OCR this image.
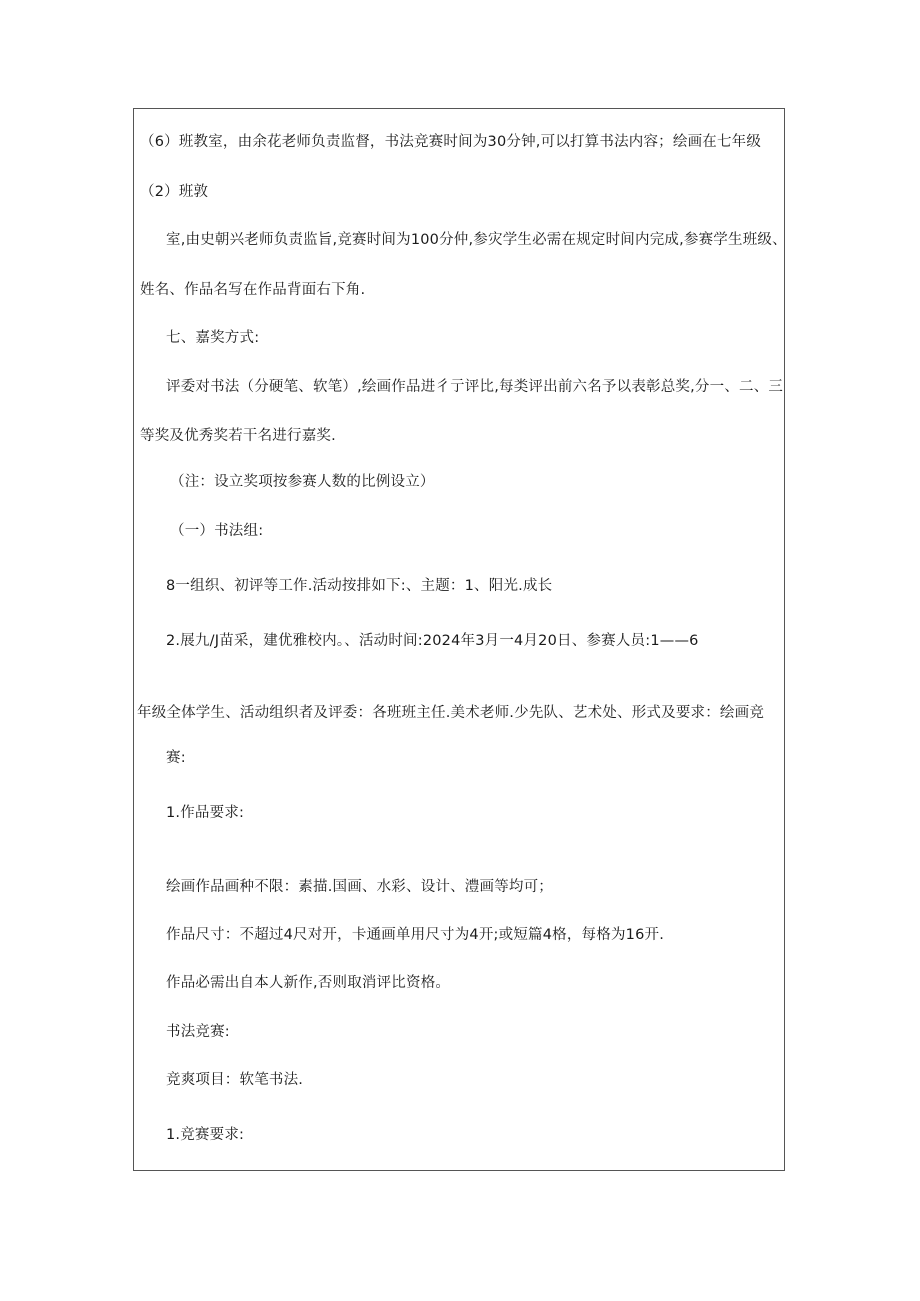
（6）班教室，由余花老师负责监督，书法竞赛时间为30分钟,可以打算书法内容；绘画在七年级
（2）班敦
室,由史朝兴老师负责监旨,竞赛时间为100分仲,参灾学生必需在规定时间内完成,参赛学生班级、
姓名、作品名写在作品背面右下角.
七、嘉奖方式:
评委对书法（分硬笔、软笔）,绘画作品进彳亍评比,每类评出前六名予以表彰总奖,分一、二、三
等奖及优秀奖若干名进行嘉奖.
（注：设立奖项按参赛人数的比例设立）
（一）书法组:
8一组织、初评等工作.活动按排如下:、主题：1、阳光.成长
2.展九/J苗采，建优雅校内。、活动时间:2024年3月一4月20日、参赛人员:1——6
年级全体学生、活动组织者及评委：各班班主任.美术老师.少先队、艺术处、形式及要求：绘画竞
赛:
1.作品要求:
绘画作品画种不限：素描.国画、水彩、设计、澧画等均可；
作品尺寸：不超过4尺对开，卡通画单用尺寸为4开;或短篇4格，每格为16开.
作品必需出自本人新作,否则取消评比资格。
书法竞赛:
竞爽项目：软笔书法.
1.竞赛要求:
